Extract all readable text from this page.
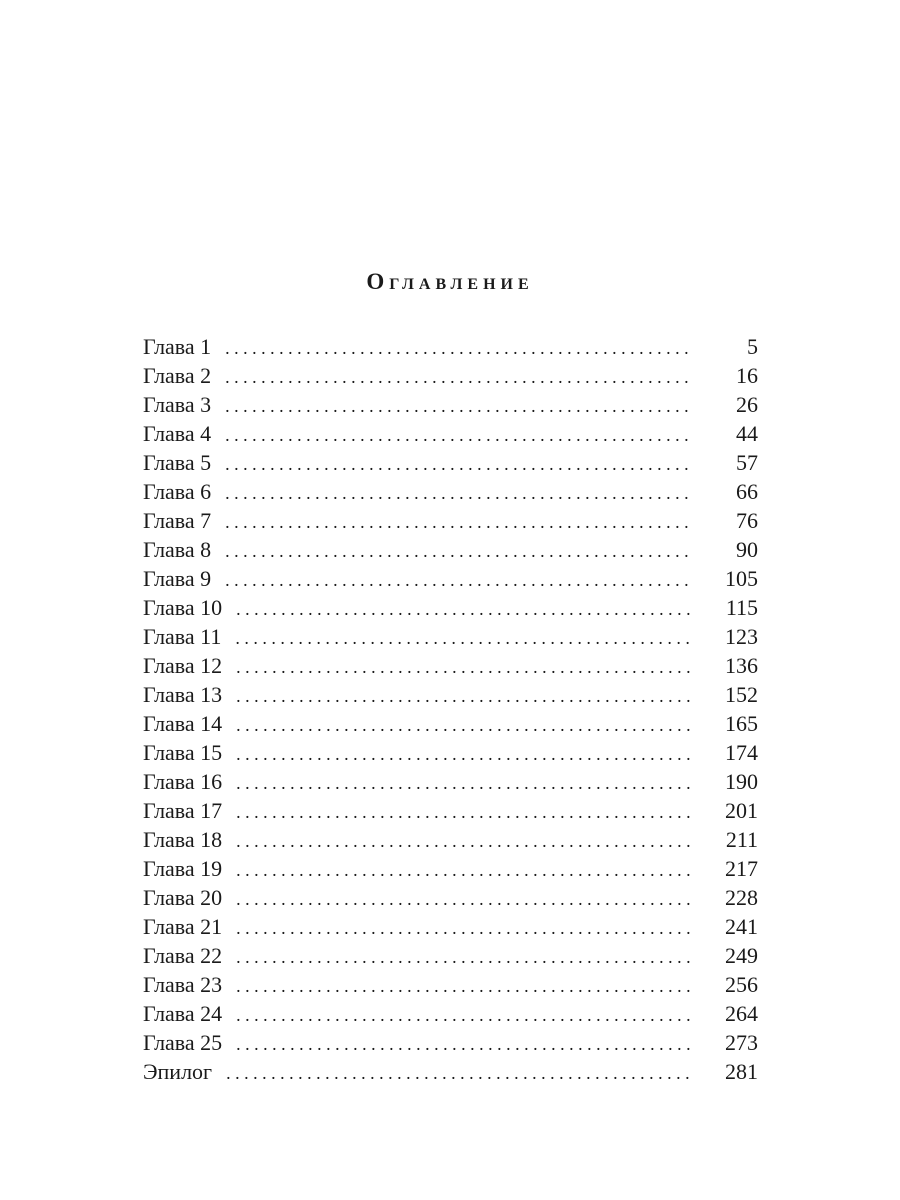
Оглавление
Глава 1 . . .	5
Глава 2 . . .	16
Глава 3 . . .	26
Глава 4 . . .	44
Глава 5 . . .	57
Глава 6 . . .	66
Глава 7 . . .	76
Глава 8 . . .	90
Глава 9 . . .	105
Глава 10 . . .	115
Глава 11 . . .	123
Глава 12 . . .	136
Глава 13 . . .	152
Глава 14 . . .	165
Глава 15 . . .	174
Глава 16 . . .	190
Глава 17 . . .	201
Глава 18 . . .	211
Глава 19 . . .	217
Глава 20 . . .	228
Глава 21 . . .	241
Глава 22 . . .	249
Глава 23 . . .	256
Глава 24 . . .	264
Глава 25 . . .	273
Эпилог . . .	281
